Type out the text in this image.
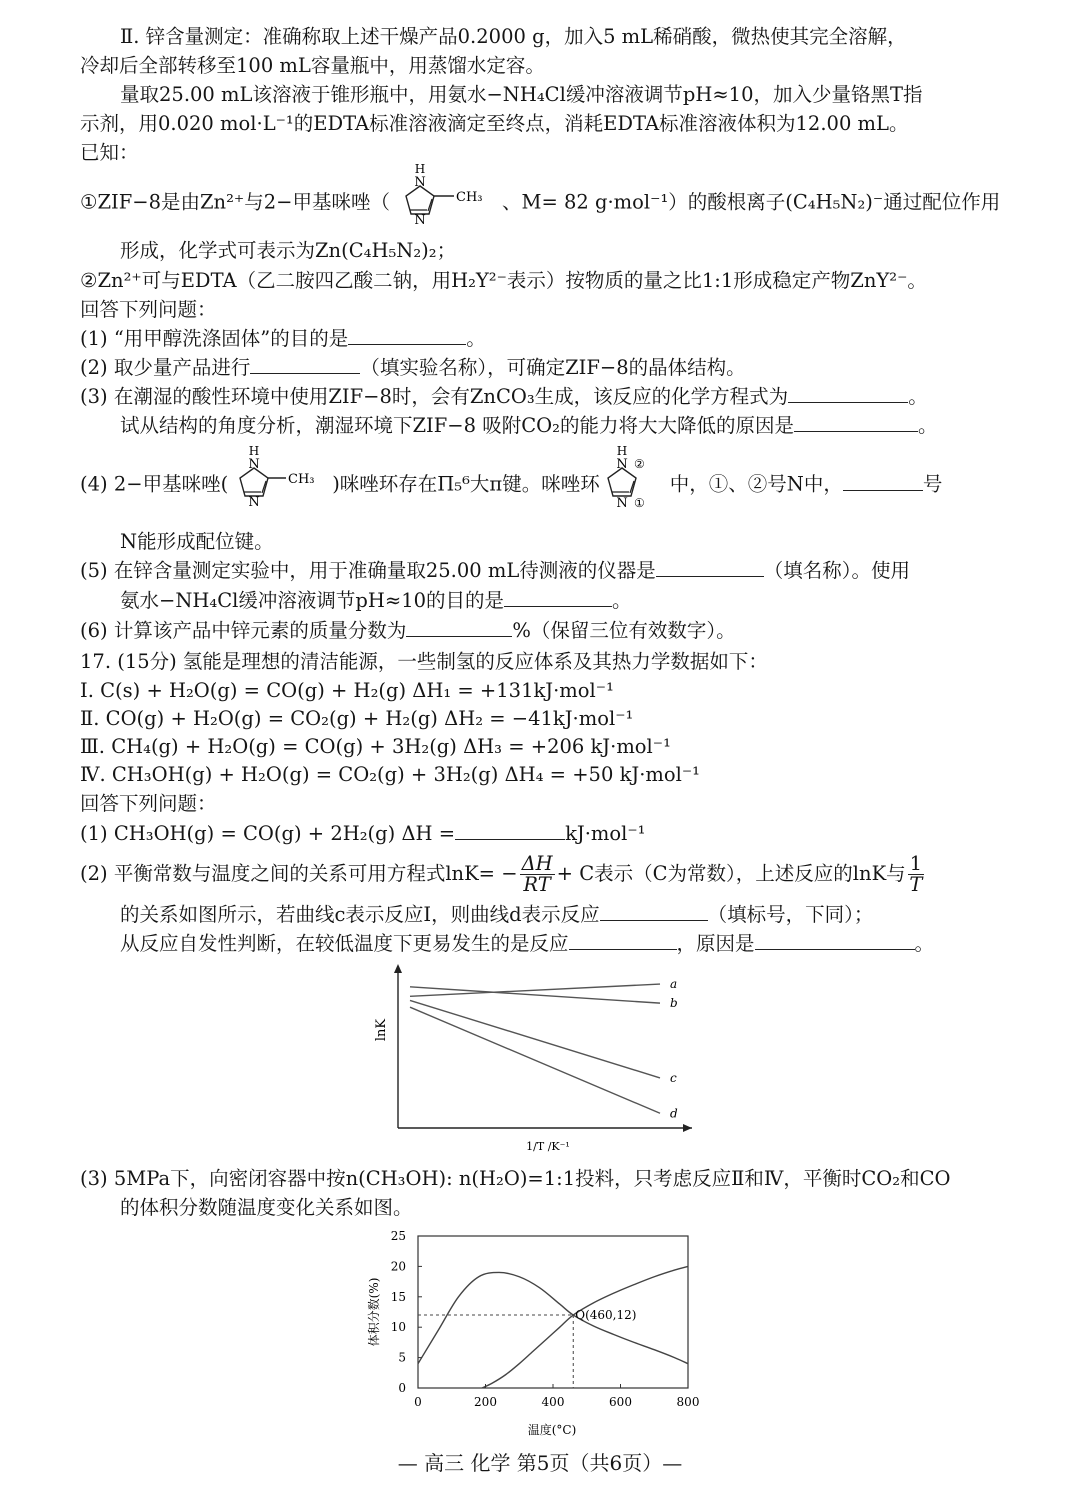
Ⅱ. 锌含量测定：准确称取上述干燥产品0.2000 g，加入5 mL稀硝酸，微热使其完全溶解，
冷却后全部转移至100 mL容量瓶中，用蒸馏水定容。
量取25.00 mL该溶液于锥形瓶中，用氨水−NH₄Cl缓冲溶液调节pH≈10，加入少量铬黑T指
示剂，用0.020 mol·L⁻¹的EDTA标准溶液滴定至终点，消耗EDTA标准溶液体积为12.00 mL。
已知：
①ZIF−8是由Zn²⁺与2−甲基咪唑（
H
N
N
CH₃ 、M= 82 g·mol⁻¹）的酸根离子(C₄H₅N₂)⁻通过配位作用
形成，化学式可表示为Zn(C₄H₅N₂)₂；
②Zn²⁺可与EDTA（乙二胺四乙酸二钠，用H₂Y²⁻表示）按物质的量之比1:1形成稳定产物ZnY²⁻。
回答下列问题：
(1) “用甲醇洗涤固体”的目的是	。
(2) 取少量产品进行	（填实验名称），可确定ZIF−8的晶体结构。
(3) 在潮湿的酸性环境中使用ZIF−8时，会有ZnCO₃生成，该反应的化学方程式为	。
试从结构的角度分析，潮湿环境下ZIF−8 吸附CO₂的能力将大大降低的原因是	。
(4) 2−甲基咪唑(
H
N
N
CH₃ )咪唑环存在Π₅⁶大π键。咪唑环
H
N ②
N ①
中，①、②号N中，	号
N能形成配位键。
(5) 在锌含量测定实验中，用于准确量取25.00 mL待测液的仪器是	（填名称）。使用
氨水−NH₄Cl缓冲溶液调节pH≈10的目的是	。
(6) 计算该产品中锌元素的质量分数为	%（保留三位有效数字）。
17. (15分) 氢能是理想的清洁能源，一些制氢的反应体系及其热力学数据如下：
Ⅰ. C(s) + H₂O(g) = CO(g) + H₂(g) ΔH₁ = +131kJ·mol⁻¹
Ⅱ. CO(g) + H₂O(g) = CO₂(g) + H₂(g) ΔH₂ = −41kJ·mol⁻¹
Ⅲ. CH₄(g) + H₂O(g) = CO(g) + 3H₂(g) ΔH₃ = +206 kJ·mol⁻¹
Ⅳ. CH₃OH(g) + H₂O(g) = CO₂(g) + 3H₂(g) ΔH₄ = +50 kJ·mol⁻¹
回答下列问题：
(1) CH₃OH(g) = CO(g) + 2H₂(g) ΔH =	kJ·mol⁻¹
(2) 平衡常数与温度之间的关系可用方程式$\ln K= - \frac{\Delta H}{RT} + C$表示（C为常数），上述反应的lnK与 $\frac{1}{T}$
的关系如图所示，若曲线c表示反应Ⅰ，则曲线d表示反应	（填标号，下同）；
从反应自发性判断，在较低温度下更易发生的是反应	，原因是	。
a
b
c
d
lnK
1/T /K⁻¹
(3) 5MPa下，向密闭容器中按n(CH₃OH): n(H₂O)=1:1投料，只考虑反应Ⅱ和Ⅳ，平衡时CO₂和CO
的体积分数随温度变化关系如图。
0	200	400	600	800
0
5
10
15
20
25
体积分数(%)
温度(°C)
Q(460,12)
— 高三 化学 第5页（共6页）—
